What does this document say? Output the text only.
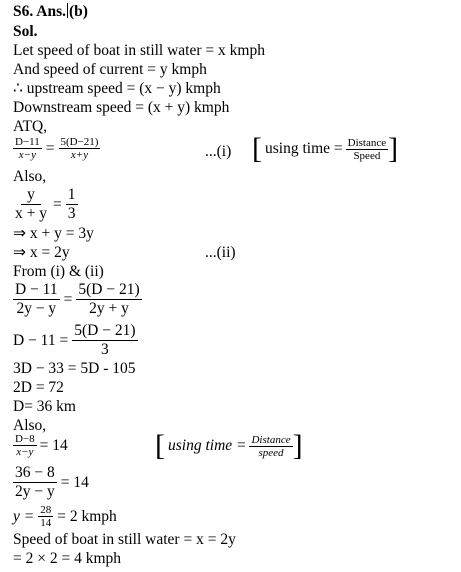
S6. Ans. (b)
Sol.
Let speed of boat in still water = x kmph
And speed of current = y kmph
∴ upstream speed = (x − y) kmph
Downstream speed = (x + y) kmph
ATQ,
$\frac{D-11}{x-y} = \frac{5(D-21)}{x+y}$	...(i) [ using time = $\frac{\text{Distance}}{\text{Speed}}$ ]
Also,
$\frac{y}{x + y} = \frac{1}{3}$
⇒ x + y = 3y
⇒ x = 2y	...(ii)
From (i) & (ii)
$\frac{D - 11}{2y - y} = \frac{5(D - 21)}{2y + y}$
$D - 11 = \frac{5(D - 21)}{3}$
3D − 33 = 5D - 105
2D = 72
D= 36 km
Also,
$\frac{D-8}{x-y} = 14$	[ using time = $\frac{\text{Distance}}{\text{speed}}$ ]
$\frac{36 - 8}{2y - y} = 14$
$y = \frac{28}{14} = 2$ kmph
Speed of boat in still water = x = 2y
= 2 × 2 = 4 kmph
